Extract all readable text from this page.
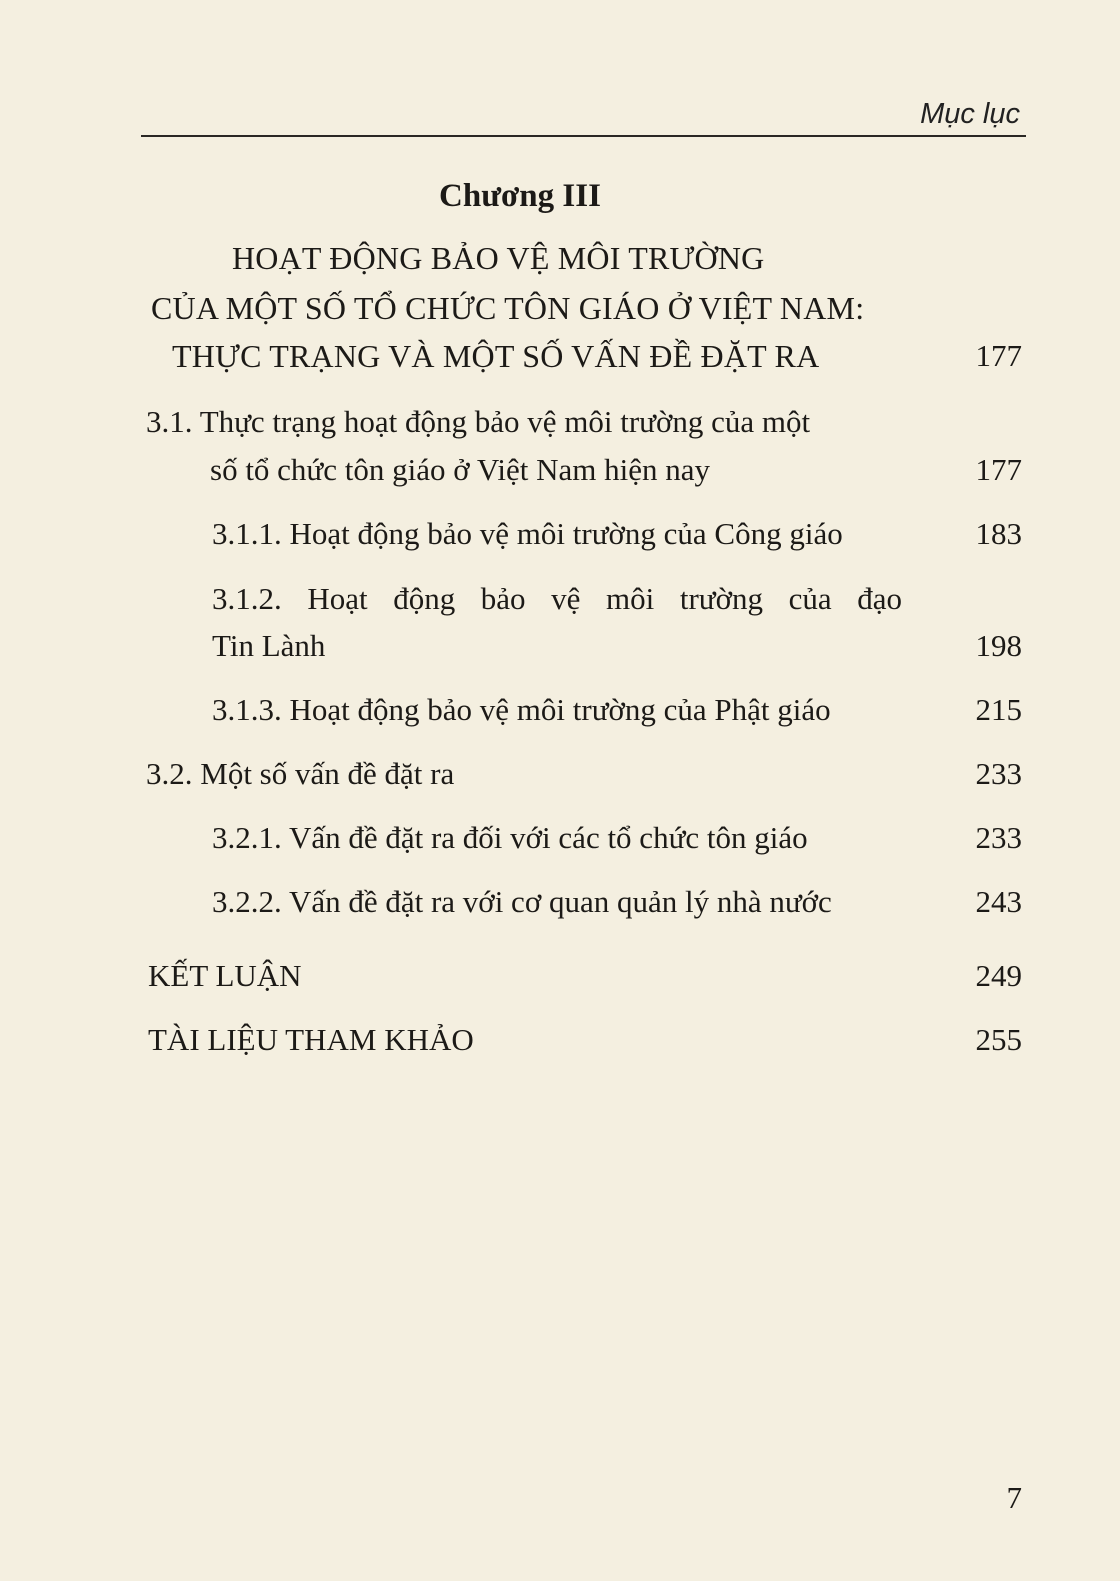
Mục lục
Chương III
HOẠT ĐỘNG BẢO VỆ MÔI TRƯỜNG
CỦA MỘT SỐ TỔ CHỨC TÔN GIÁO Ở VIỆT NAM:
THỰC TRẠNG VÀ MỘT SỐ VẤN ĐỀ ĐẶT RA	177
3.1. Thực trạng hoạt động bảo vệ môi trường của một
số tổ chức tôn giáo ở Việt Nam hiện nay	177
3.1.1. Hoạt động bảo vệ môi trường của Công giáo	183
3.1.2. Hoạt động bảo vệ môi trường của đạo
Tin Lành	198
3.1.3. Hoạt động bảo vệ môi trường của Phật giáo	215
3.2. Một số vấn đề đặt ra	233
3.2.1. Vấn đề đặt ra đối với các tổ chức tôn giáo	233
3.2.2. Vấn đề đặt ra với cơ quan quản lý nhà nước	243
KẾT LUẬN	249
TÀI LIỆU THAM KHẢO	255
7
